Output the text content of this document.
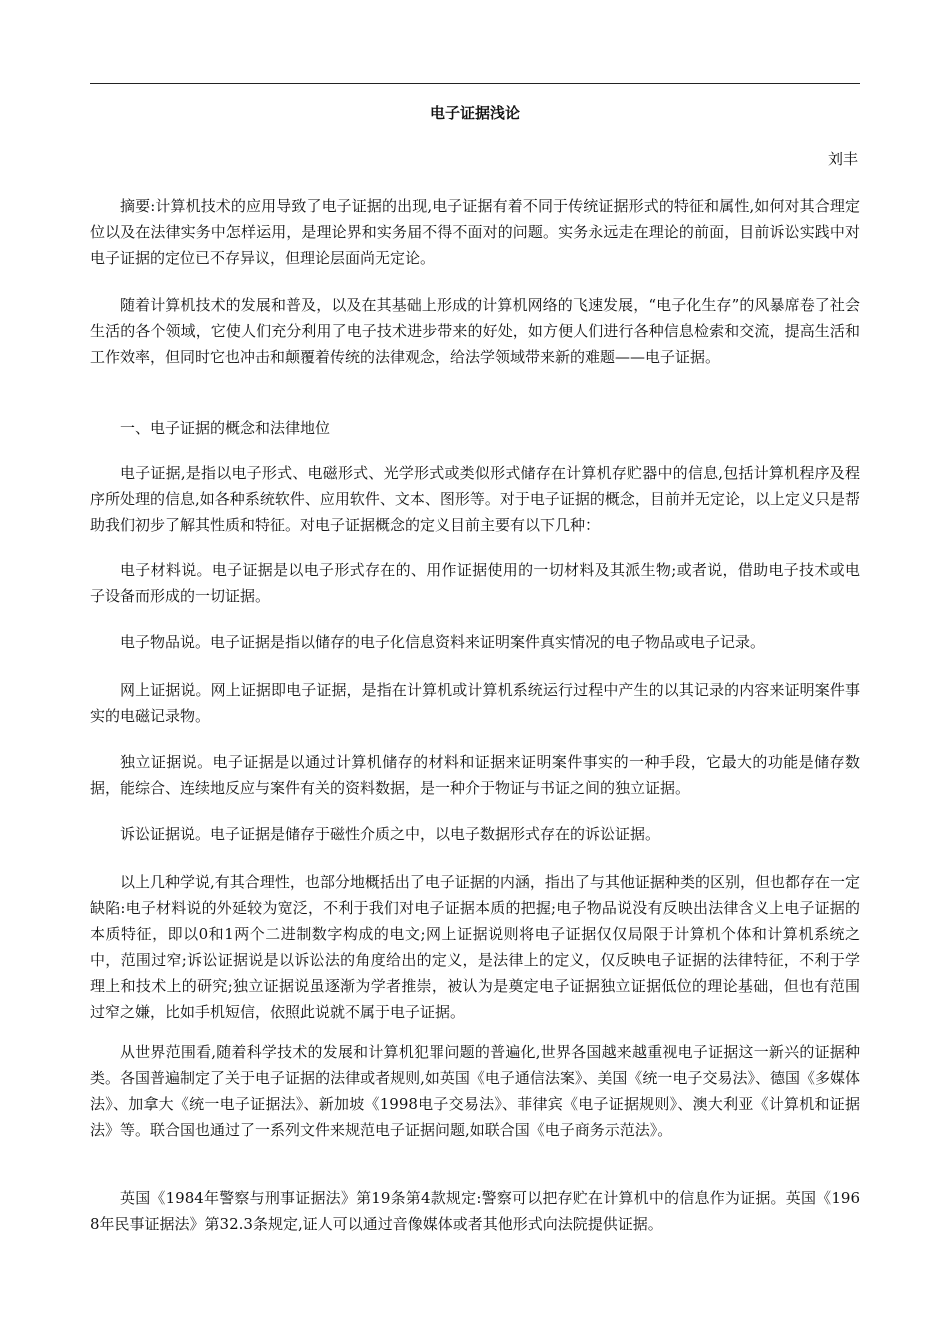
电子证据浅论
刘丰

摘要:计算机技术的应用导致了电子证据的出现,电子证据有着不同于传统证据形式的特征和属性,如何对其合理定位以及在法律实务中怎样运用，是理论界和实务届不得不面对的问题。实务永远走在理论的前面，目前诉讼实践中对电子证据的定位已不存异议，但理论层面尚无定论。

随着计算机技术的发展和普及，以及在其基础上形成的计算机网络的飞速发展，“电子化生存”的风暴席卷了社会生活的各个领域，它使人们充分利用了电子技术进步带来的好处，如方便人们进行各种信息检索和交流，提高生活和工作效率，但同时它也冲击和颠覆着传统的法律观念，给法学领域带来新的难题——电子证据。

一、电子证据的概念和法律地位

电子证据,是指以电子形式、电磁形式、光学形式或类似形式储存在计算机存贮器中的信息,包括计算机程序及程序所处理的信息,如各种系统软件、应用软件、文本、图形等。对于电子证据的概念，目前并无定论，以上定义只是帮助我们初步了解其性质和特征。对电子证据概念的定义目前主要有以下几种：

电子材料说。电子证据是以电子形式存在的、用作证据使用的一切材料及其派生物;或者说，借助电子技术或电子设备而形成的一切证据。

电子物品说。电子证据是指以储存的电子化信息资料来证明案件真实情况的电子物品或电子记录。

网上证据说。网上证据即电子证据，是指在计算机或计算机系统运行过程中产生的以其记录的内容来证明案件事实的电磁记录物。

独立证据说。电子证据是以通过计算机储存的材料和证据来证明案件事实的一种手段，它最大的功能是储存数据，能综合、连续地反应与案件有关的资料数据，是一种介于物证与书证之间的独立证据。

诉讼证据说。电子证据是储存于磁性介质之中，以电子数据形式存在的诉讼证据。

以上几种学说,有其合理性，也部分地概括出了电子证据的内涵，指出了与其他证据种类的区别，但也都存在一定缺陷:电子材料说的外延较为宽泛，不利于我们对电子证据本质的把握;电子物品说没有反映出法律含义上电子证据的本质特征，即以0和1两个二进制数字构成的电文;网上证据说则将电子证据仅仅局限于计算机个体和计算机系统之中，范围过窄;诉讼证据说是以诉讼法的角度给出的定义，是法律上的定义，仅反映电子证据的法律特征，不利于学理上和技术上的研究;独立证据说虽逐渐为学者推崇，被认为是奠定电子证据独立证据低位的理论基础，但也有范围过窄之嫌，比如手机短信，依照此说就不属于电子证据。

从世界范围看,随着科学技术的发展和计算机犯罪问题的普遍化,世界各国越来越重视电子证据这一新兴的证据种类。各国普遍制定了关于电子证据的法律或者规则,如英国《电子通信法案》、美国《统一电子交易法》、德国《多媒体法》、加拿大《统一电子证据法》、新加坡《1998电子交易法》、菲律宾《电子证据规则》、澳大利亚《计算机和证据法》等。联合国也通过了一系列文件来规范电子证据问题,如联合国《电子商务示范法》。

英国《1984年警察与刑事证据法》第19条第4款规定:警察可以把存贮在计算机中的信息作为证据。英国《1968年民事证据法》第32.3条规定,证人可以通过音像媒体或者其他形式向法院提供证据。
